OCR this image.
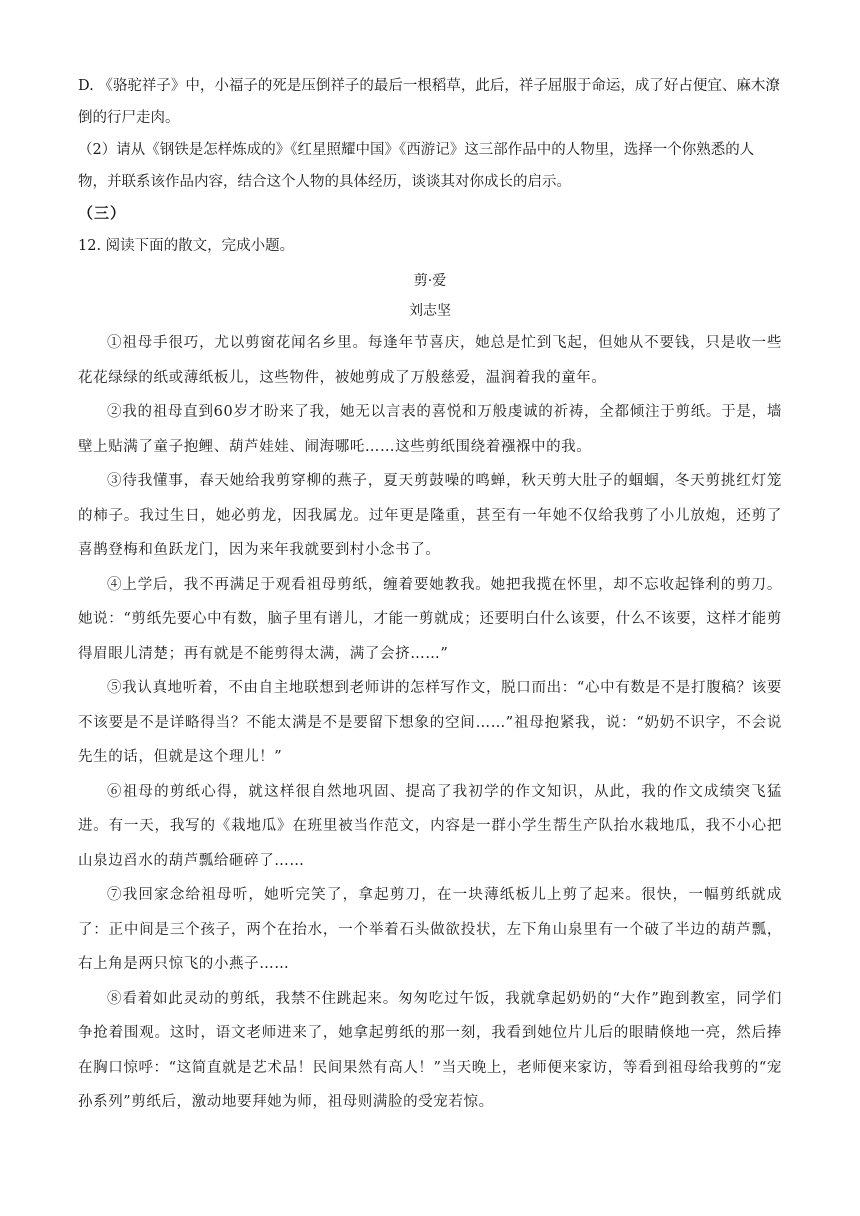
D. 《骆驼祥子》中，小福子的死是压倒祥子的最后一根稻草，此后，祥子屈服于命运，成了好占便宜、麻木潦倒的行尸走肉。

（2）请从《钢铁是怎样炼成的》《红星照耀中国》《西游记》这三部作品中的人物里，选择一个你熟悉的人物，并联系该作品内容，结合这个人物的具体经历，谈谈其对你成长的启示。

（三）

12. 阅读下面的散文，完成小题。

剪·爱

刘志坚

①祖母手很巧，尤以剪窗花闻名乡里。每逢年节喜庆，她总是忙到飞起，但她从不要钱，只是收一些花花绿绿的纸或薄纸板儿，这些物件，被她剪成了万般慈爱，温润着我的童年。

②我的祖母直到60岁才盼来了我，她无以言表的喜悦和万般虔诚的祈祷，全都倾注于剪纸。于是，墙壁上贴满了童子抱鲤、葫芦娃娃、闹海哪吒……这些剪纸围绕着襁褓中的我。

③待我懂事，春天她给我剪穿柳的燕子，夏天剪鼓噪的鸣蝉，秋天剪大肚子的蝈蝈，冬天剪挑红灯笼的柿子。我过生日，她必剪龙，因我属龙。过年更是隆重，甚至有一年她不仅给我剪了小儿放炮，还剪了喜鹊登梅和鱼跃龙门，因为来年我就要到村小念书了。

④上学后，我不再满足于观看祖母剪纸，缠着要她教我。她把我揽在怀里，却不忘收起锋利的剪刀。她说：“剪纸先要心中有数，脑子里有谱儿，才能一剪就成；还要明白什么该要，什么不该要，这样才能剪得眉眼儿清楚；再有就是不能剪得太满，满了会挤……”

⑤我认真地听着，不由自主地联想到老师讲的怎样写作文，脱口而出：“心中有数是不是打腹稿？该要不该要是不是详略得当？不能太满是不是要留下想象的空间……”祖母抱紧我，说：“奶奶不识字，不会说先生的话，但就是这个理儿！”

⑥祖母的剪纸心得，就这样很自然地巩固、提高了我初学的作文知识，从此，我的作文成绩突飞猛进。有一天，我写的《栽地瓜》在班里被当作范文，内容是一群小学生帮生产队抬水栽地瓜，我不小心把山泉边舀水的葫芦瓢给砸碎了……

⑦我回家念给祖母听，她听完笑了，拿起剪刀，在一块薄纸板儿上剪了起来。很快，一幅剪纸就成了：正中间是三个孩子，两个在抬水，一个举着石头做欲投状，左下角山泉里有一个破了半边的葫芦瓢，右上角是两只惊飞的小燕子……

⑧看着如此灵动的剪纸，我禁不住跳起来。匆匆吃过午饭，我就拿起奶奶的“大作”跑到教室，同学们争抢着围观。这时，语文老师进来了，她拿起剪纸的那一刻，我看到她位片儿后的眼睛倏地一亮，然后捧在胸口惊呼：“这简直就是艺术品！民间果然有高人！”当天晚上，老师便来家访，等看到祖母给我剪的“宠孙系列”剪纸后，激动地要拜她为师，祖母则满脸的受宠若惊。
